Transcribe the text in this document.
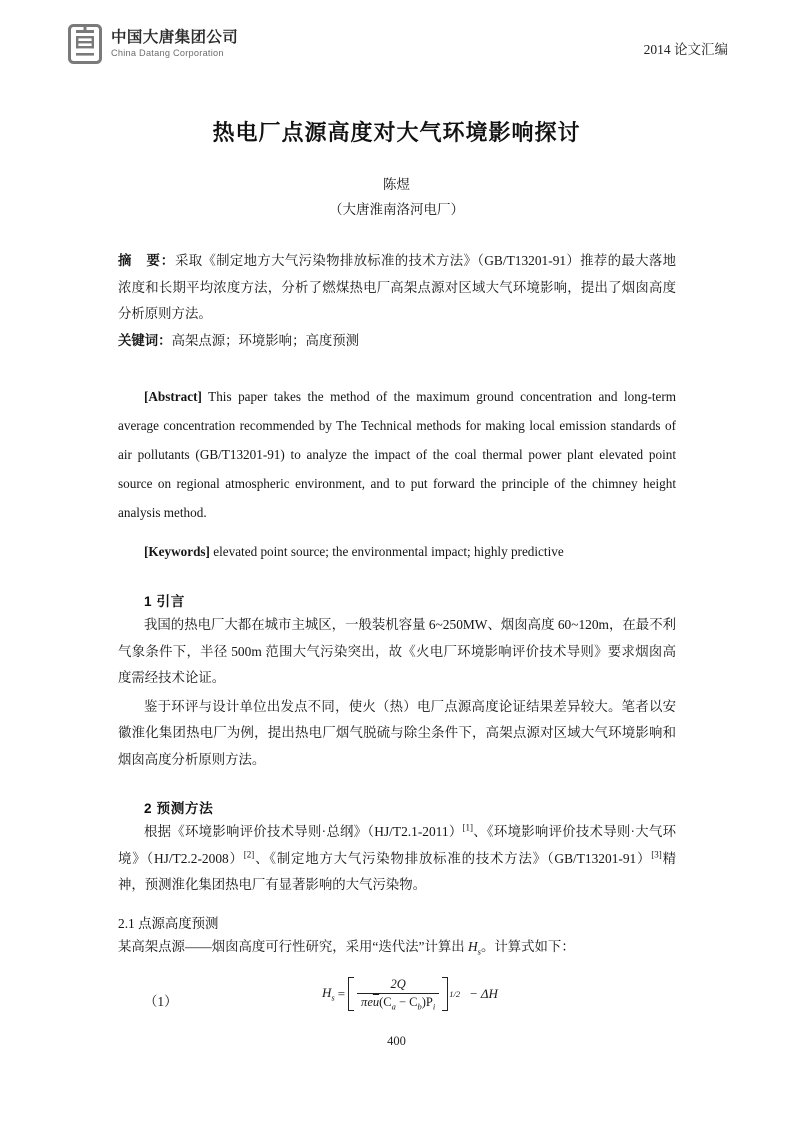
中国大唐集团公司
China Datang Corporation	2014 论文汇编
热电厂点源高度对大气环境影响探讨
陈煜
（大唐淮南洛河电厂）

摘　要：采取《制定地方大气污染物排放标准的技术方法》（GB/T13201-91）推荐的最大落地浓度和长期平均浓度方法，分析了燃煤热电厂高架点源对区域大气环境影响，提出了烟囱高度分析原则方法。

关键词：高架点源；环境影响；高度预测

[Abstract] This paper takes the method of the maximum ground concentration and long-term average concentration recommended by The Technical methods for making local emission standards of air pollutants (GB/T13201-91) to analyze the impact of the coal thermal power plant elevated point source on regional atmospheric environment, and to put forward the principle of the chimney height analysis method.

[Keywords] elevated point source; the environmental impact; highly predictive

1 引言

我国的热电厂大都在城市主城区，一般装机容量 6~250MW、烟囱高度 60~120m，在最不利气象条件下，半径 500m 范围大气污染突出，故《火电厂环境影响评价技术导则》要求烟囱高度需经技术论证。

鉴于环评与设计单位出发点不同，使火（热）电厂点源高度论证结果差异较大。笔者以安徽淮化集团热电厂为例，提出热电厂烟气脱硫与除尘条件下，高架点源对区域大气环境影响和烟囱高度分析原则方法。

2 预测方法

根据《环境影响评价技术导则·总纲》（HJ/T2.1-2011）[1]、《环境影响评价技术导则·大气环境》（HJ/T2.2-2008）[2]、《制定地方大气污染物排放标准的技术方法》（GB/T13201-91）[3]精神，预测淮化集团热电厂有显著影响的大气污染物。

2.1 点源高度预测

某高架点源——烟囱高度可行性研究，采用“迭代法”计算出 $H_s$。计算式如下：

（1）
$H_s = \frac{2Q}{\pi e\overline{u}(C_a - C_b)P_i} 1/2 - \Delta H$
400
